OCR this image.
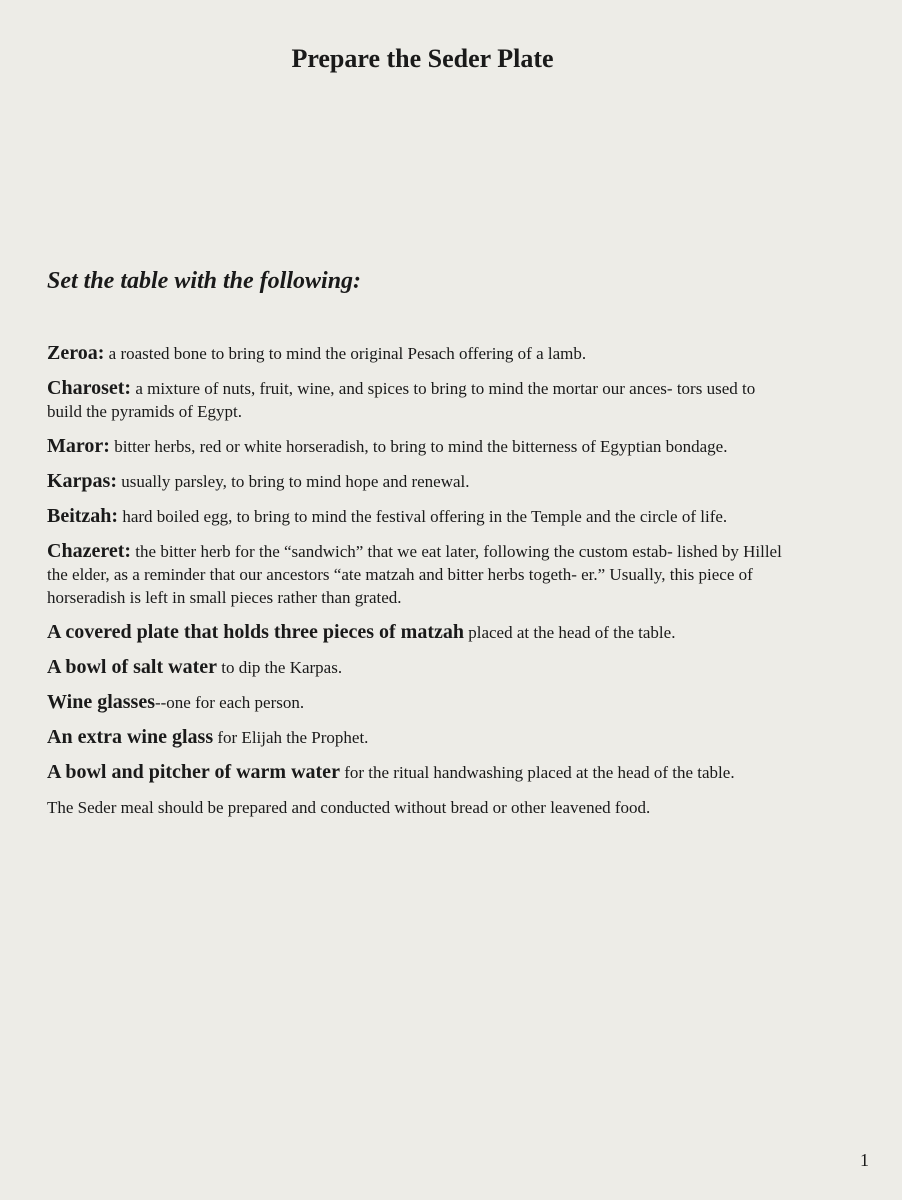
Prepare the Seder Plate
Set the table with the following:

Zeroa: a roasted bone to bring to mind the original Pesach offering of a lamb.

Charoset: a mixture of nuts, fruit, wine, and spices to bring to mind the mortar our ances- tors used to build the pyramids of Egypt.

Maror: bitter herbs, red or white horseradish, to bring to mind the bitterness of Egyptian bondage.

Karpas: usually parsley, to bring to mind hope and renewal.

Beitzah: hard boiled egg, to bring to mind the festival offering in the Temple and the circle of life.

Chazeret: the bitter herb for the “sandwich” that we eat later, following the custom estab- lished by Hillel the elder, as a reminder that our ancestors “ate matzah and bitter herbs togeth- er.” Usually, this piece of horseradish is left in small pieces rather than grated.

A covered plate that holds three pieces of matzah placed at the head of the table.

A bowl of salt water to dip the Karpas.

Wine glasses--one for each person.

An extra wine glass for Elijah the Prophet.

A bowl and pitcher of warm water for the ritual handwashing placed at the head of the table.

The Seder meal should be prepared and conducted without bread or other leavened food.

1
